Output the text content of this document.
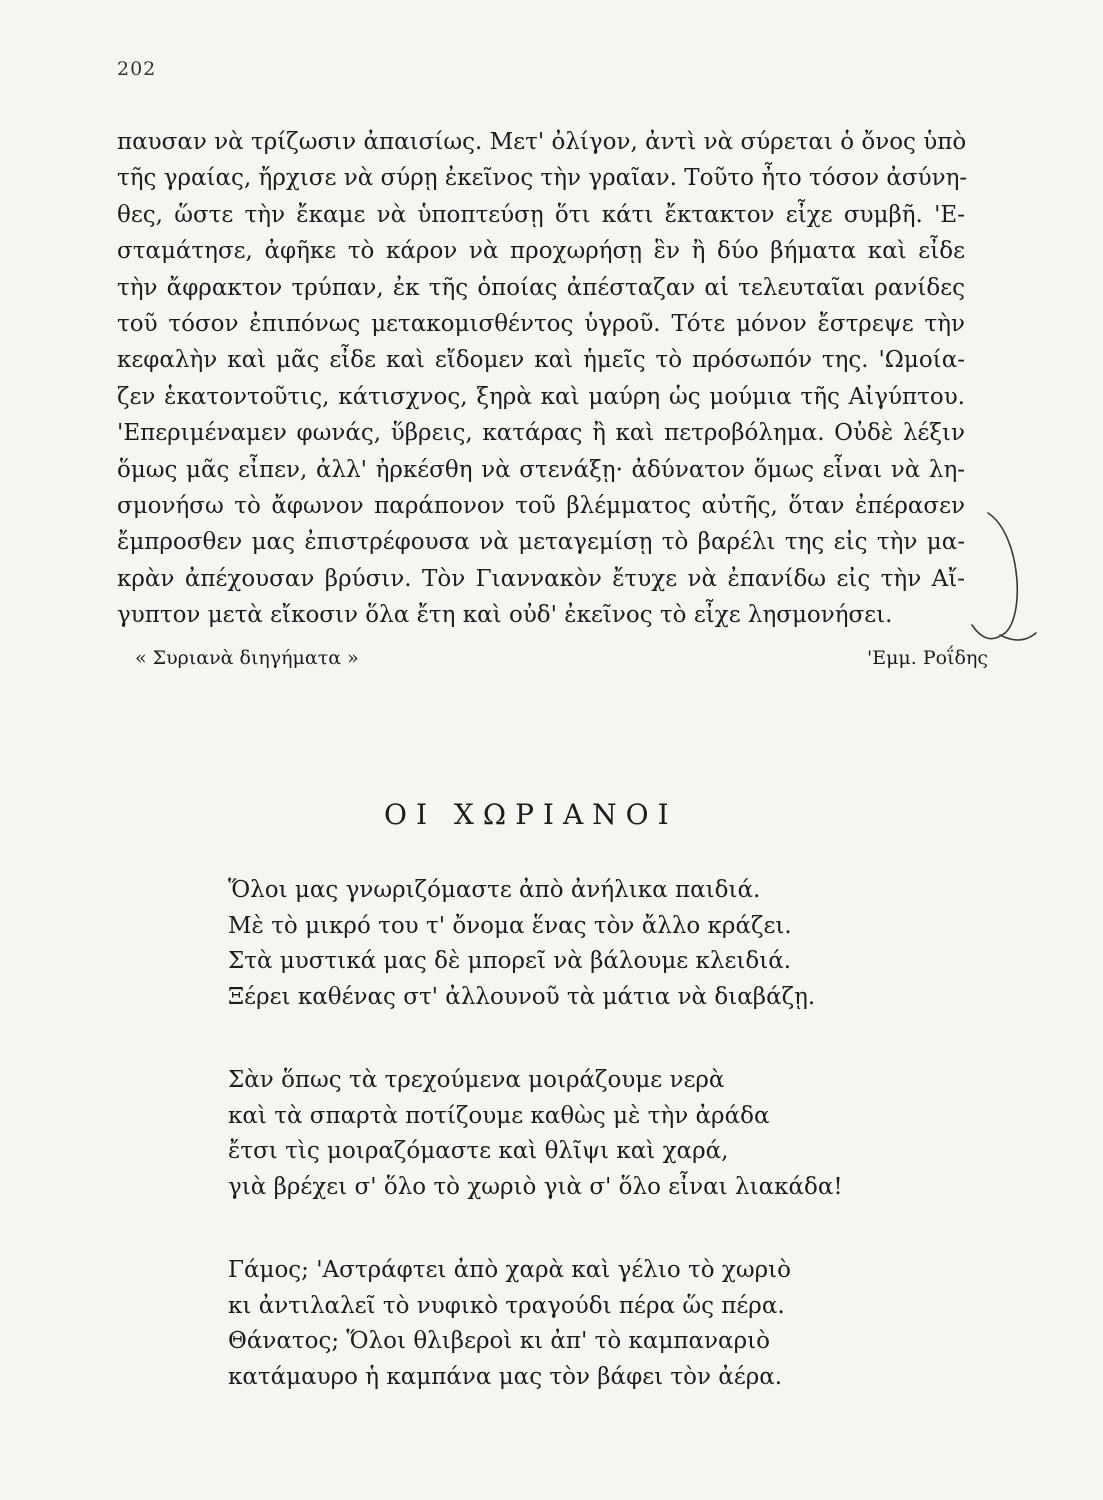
202
παυσαν νὰ τρίζωσιν ἀπαισίως. Μετ' ὀλίγον, ἀντὶ νὰ σύρεται ὁ ὄνος ὑπὸ
τῆς γραίας, ἤρχισε νὰ σύρῃ ἐκεῖνος τὴν γραῖαν. Τοῦτο ἦτο τόσον ἀσύνη-
θες, ὥστε τὴν ἔκαμε νὰ ὑποπτεύσῃ ὅτι κάτι ἔκτακτον εἶχε συμβῆ. 'Ε-
σταμάτησε, ἀφῆκε τὸ κάρον νὰ προχωρήσῃ ἓν ἢ δύο βήματα καὶ εἶδε
τὴν ἄφρακτον τρύπαν, ἐκ τῆς ὁποίας ἀπέσταζαν αἱ τελευταῖαι ρανίδες
τοῦ τόσον ἐπιπόνως μετακομισθέντος ὑγροῦ. Τότε μόνον ἔστρεψε τὴν
κεφαλὴν καὶ μᾶς εἶδε καὶ εἴδομεν καὶ ἡμεῖς τὸ πρόσωπόν της. 'Ωμοία-
ζεν ἑκατοντοῦτις, κάτισχνος, ξηρὰ καὶ μαύρη ὡς μούμια τῆς Αἰγύπτου.
'Επεριμέναμεν φωνάς, ὕβρεις, κατάρας ἢ καὶ πετροβόλημα. Οὐδὲ λέξιν
ὅμως μᾶς εἶπεν, ἀλλ' ἠρκέσθη νὰ στενάξῃ· ἀδύνατον ὅμως εἶναι νὰ λη-
σμονήσω τὸ ἄφωνον παράπονον τοῦ βλέμματος αὐτῆς, ὅταν ἐπέρασεν
ἔμπροσθεν μας ἐπιστρέφουσα νὰ μεταγεμίσῃ τὸ βαρέλι της εἰς τὴν μα-
κρὰν ἀπέχουσαν βρύσιν. Τὸν Γιαννακὸν ἔτυχε νὰ ἐπανίδω εἰς τὴν Αἴ-
γυπτον μετὰ εἴκοσιν ὅλα ἔτη καὶ οὐδ' ἐκεῖνος τὸ εἶχε λησμονήσει.
« Συριανὰ διηγήματα »	'Εμμ. Ροΐδης
ΟΙ ΧΩΡΙΑΝΟΙ
Ὅλοι μας γνωριζόμαστε ἀπὸ ἀνήλικα παιδιά.
Μὲ τὸ μικρό του τ' ὄνομα ἕνας τὸν ἄλλο κράζει.
Στὰ μυστικά μας δὲ μπορεῖ νὰ βάλουμε κλειδιά.
Ξέρει καθένας στ' ἀλλουνοῦ τὰ μάτια νὰ διαβάζῃ.
Σὰν ὅπως τὰ τρεχούμενα μοιράζουμε νερὰ
καὶ τὰ σπαρτὰ ποτίζουμε καθὼς μὲ τὴν ἀράδα
ἔτσι τὶς μοιραζόμαστε καὶ θλῖψι καὶ χαρά,
γιὰ βρέχει σ' ὅλο τὸ χωριὸ γιὰ σ' ὅλο εἶναι λιακάδα!
Γάμος; 'Αστράφτει ἀπὸ χαρὰ καὶ γέλιο τὸ χωριὸ
κι ἀντιλαλεῖ τὸ νυφικὸ τραγούδι πέρα ὥς πέρα.
Θάνατος; Ὅλοι θλιβεροὶ κι ἀπ' τὸ καμπαναριὸ
κατάμαυρο ἡ καμπάνα μας τὸν βάφει τὸν ἀέρα.
